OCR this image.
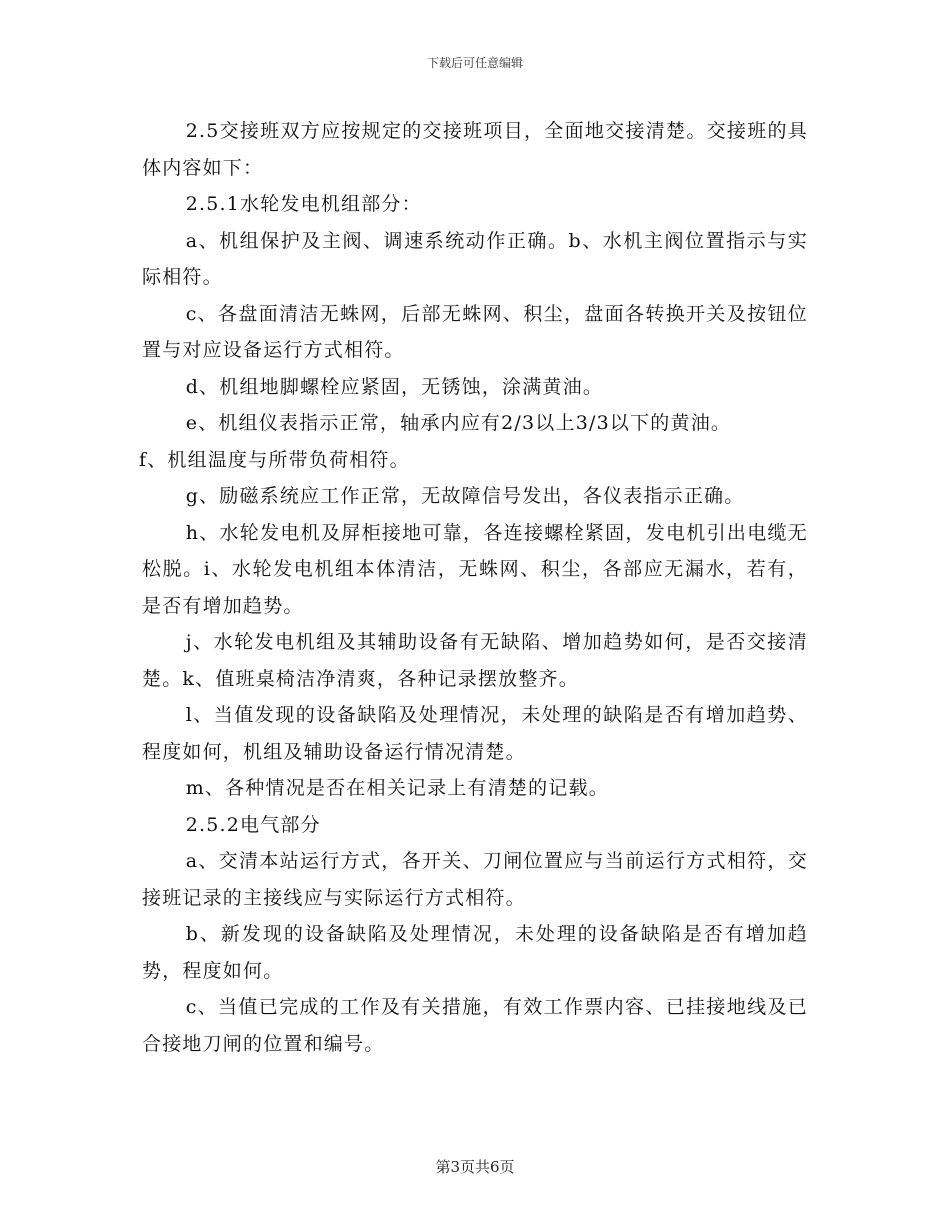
下载后可任意编辑

2.5交接班双方应按规定的交接班项目，全面地交接清楚。交接班的具体内容如下：

2.5.1水轮发电机组部分：

a、机组保护及主阀、调速系统动作正确。b、水机主阀位置指示与实际相符。

c、各盘面清洁无蛛网，后部无蛛网、积尘，盘面各转换开关及按钮位置与对应设备运行方式相符。

d、机组地脚螺栓应紧固，无锈蚀，涂满黄油。

e、机组仪表指示正常，轴承内应有2/3以上3/3以下的黄油。

f、机组温度与所带负荷相符。

g、励磁系统应工作正常，无故障信号发出，各仪表指示正确。

h、水轮发电机及屏柜接地可靠，各连接螺栓紧固，发电机引出电缆无松脱。i、水轮发电机组本体清洁，无蛛网、积尘，各部应无漏水，若有，是否有增加趋势。

j、水轮发电机组及其辅助设备有无缺陷、增加趋势如何，是否交接清楚。k、值班桌椅洁净清爽，各种记录摆放整齐。

l、当值发现的设备缺陷及处理情况，未处理的缺陷是否有增加趋势、程度如何，机组及辅助设备运行情况清楚。

m、各种情况是否在相关记录上有清楚的记载。

2.5.2电气部分

a、交清本站运行方式，各开关、刀闸位置应与当前运行方式相符，交接班记录的主接线应与实际运行方式相符。

b、新发现的设备缺陷及处理情况，未处理的设备缺陷是否有增加趋势，程度如何。

c、当值已完成的工作及有关措施，有效工作票内容、已挂接地线及已合接地刀闸的位置和编号。

第3页共6页
